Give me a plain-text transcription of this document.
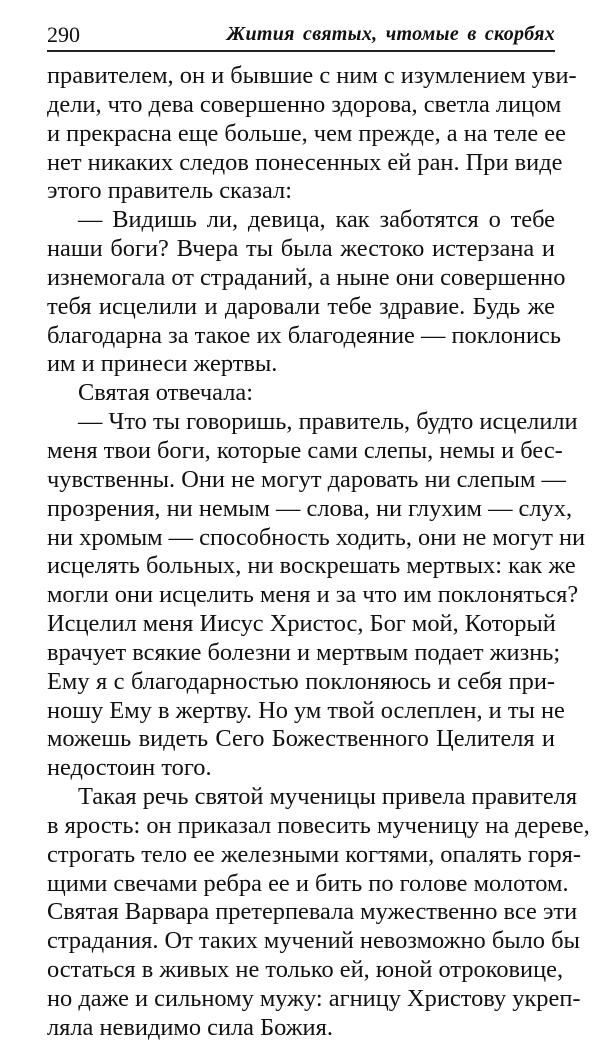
290	Жития святых, чтомые в скорбях
правителем, он и бывшие с ним с изумлением уви-
дели, что дева совершенно здорова, светла лицом
и прекрасна еще больше, чем прежде, а на теле ее
нет никаких следов понесенных ей ран. При виде
этого правитель сказал:
— Видишь ли, девица, как заботятся о тебе
наши боги? Вчера ты была жестоко истерзана и
изнемогала от страданий, а ныне они совершенно
тебя исцелили и даровали тебе здравие. Будь же
благодарна за такое их благодеяние — поклонись
им и принеси жертвы.
Святая отвечала:
— Что ты говоришь, правитель, будто исцелили
меня твои боги, которые сами слепы, немы и бес-
чувственны. Они не могут даровать ни слепым —
прозрения, ни немым — слова, ни глухим — слух,
ни хромым — способность ходить, они не могут ни
исцелять больных, ни воскрешать мертвых: как же
могли они исцелить меня и за что им поклоняться?
Исцелил меня Иисус Христос, Бог мой, Который
врачует всякие болезни и мертвым подает жизнь;
Ему я с благодарностью поклоняюсь и себя при-
ношу Ему в жертву. Но ум твой ослеплен, и ты не
можешь видеть Сего Божественного Целителя и
недостоин того.
Такая речь святой мученицы привела правителя
в ярость: он приказал повесить мученицу на дереве,
строгать тело ее железными когтями, опалять горя-
щими свечами ребра ее и бить по голове молотом.
Святая Варвара претерпевала мужественно все эти
страдания. От таких мучений невозможно было бы
остаться в живых не только ей, юной отроковице,
но даже и сильному мужу: агницу Христову укреп-
ляла невидимо сила Божия.
